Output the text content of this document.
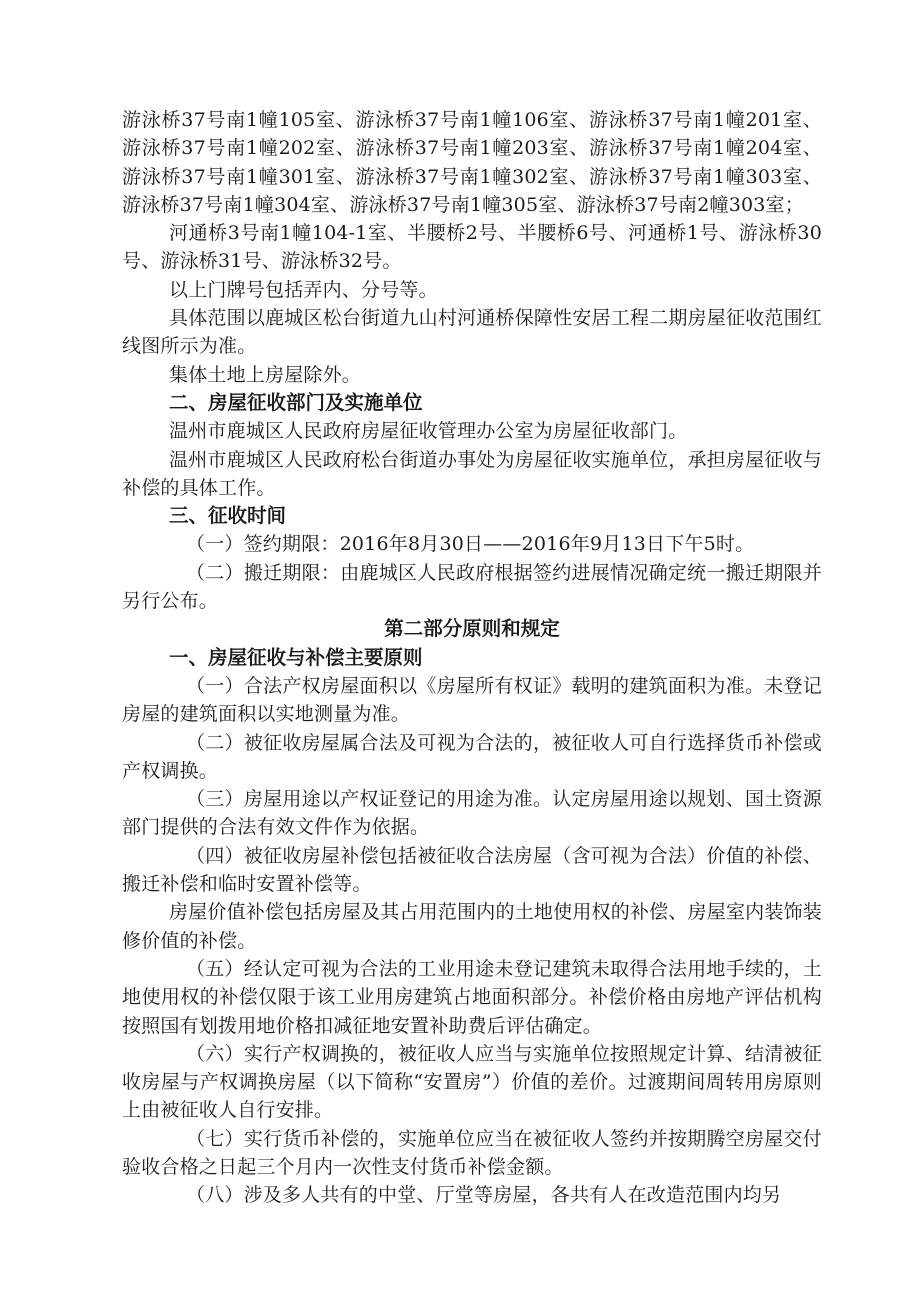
游泳桥37号南1幢105室、游泳桥37号南1幢106室、游泳桥37号南1幢201室、游泳桥37号南1幢202室、游泳桥37号南1幢203室、游泳桥37号南1幢204室、游泳桥37号南1幢301室、游泳桥37号南1幢302室、游泳桥37号南1幢303室、游泳桥37号南1幢304室、游泳桥37号南1幢305室、游泳桥37号南2幢303室；

河通桥3号南1幢104-1室、半腰桥2号、半腰桥6号、河通桥1号、游泳桥30号、游泳桥31号、游泳桥32号。

以上门牌号包括弄内、分号等。

具体范围以鹿城区松台街道九山村河通桥保障性安居工程二期房屋征收范围红线图所示为准。

集体土地上房屋除外。

二、房屋征收部门及实施单位

温州市鹿城区人民政府房屋征收管理办公室为房屋征收部门。

温州市鹿城区人民政府松台街道办事处为房屋征收实施单位，承担房屋征收与补偿的具体工作。

三、征收时间

（一）签约期限：2016年8月30日——2016年9月13日下午5时。

（二）搬迁期限：由鹿城区人民政府根据签约进展情况确定统一搬迁期限并另行公布。

第二部分原则和规定

一、房屋征收与补偿主要原则

（一）合法产权房屋面积以《房屋所有权证》载明的建筑面积为准。未登记房屋的建筑面积以实地测量为准。

（二）被征收房屋属合法及可视为合法的，被征收人可自行选择货币补偿或产权调换。

（三）房屋用途以产权证登记的用途为准。认定房屋用途以规划、国土资源部门提供的合法有效文件作为依据。

（四）被征收房屋补偿包括被征收合法房屋（含可视为合法）价值的补偿、搬迁补偿和临时安置补偿等。

房屋价值补偿包括房屋及其占用范围内的土地使用权的补偿、房屋室内装饰装修价值的补偿。

（五）经认定可视为合法的工业用途未登记建筑未取得合法用地手续的，土地使用权的补偿仅限于该工业用房建筑占地面积部分。补偿价格由房地产评估机构按照国有划拨用地价格扣减征地安置补助费后评估确定。

（六）实行产权调换的，被征收人应当与实施单位按照规定计算、结清被征收房屋与产权调换房屋（以下简称“安置房”）价值的差价。过渡期间周转用房原则上由被征收人自行安排。

（七）实行货币补偿的，实施单位应当在被征收人签约并按期腾空房屋交付验收合格之日起三个月内一次性支付货币补偿金额。

（八）涉及多人共有的中堂、厅堂等房屋，各共有人在改造范围内均另
